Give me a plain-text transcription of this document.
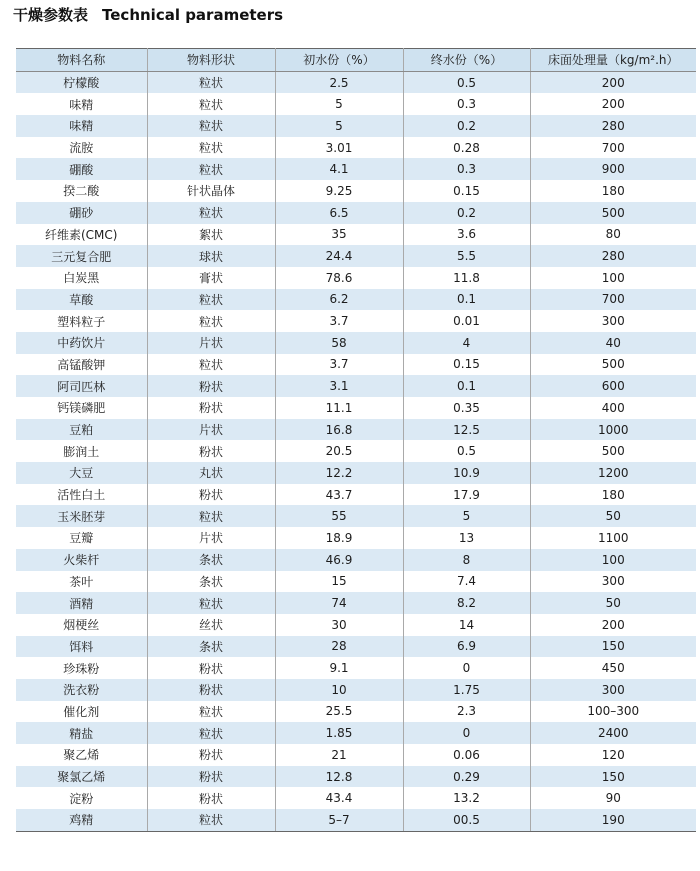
干燥参数表 Technical parameters
物料名称	物料形状	初水份（%）	终水份（%）	床面处理量（kg/m².h）
柠檬酸	粒状	2.5	0.5	200
味精	粒状	5	0.3	200
味精	粒状	5	0.2	280
流胺	粒状	3.01	0.28	700
硼酸	粒状	4.1	0.3	900
揆二酸	针状晶体	9.25	0.15	180
硼砂	粒状	6.5	0.2	500
纤维素(CMC)	絮状	35	3.6	80
三元复合肥	球状	24.4	5.5	280
白炭黑	膏状	78.6	11.8	100
草酸	粒状	6.2	0.1	700
塑料粒子	粒状	3.7	0.01	300
中药饮片	片状	58	4	40
高锰酸钾	粒状	3.7	0.15	500
阿司匹林	粉状	3.1	0.1	600
钙镁磷肥	粉状	11.1	0.35	400
豆粕	片状	16.8	12.5	1000
膨润土	粉状	20.5	0.5	500
大豆	丸状	12.2	10.9	1200
活性白土	粉状	43.7	17.9	180
玉米胚芽	粒状	55	5	50
豆瓣	片状	18.9	13	1100
火柴杆	条状	46.9	8	100
茶叶	条状	15	7.4	300
酒精	粒状	74	8.2	50
烟梗丝	丝状	30	14	200
饵料	条状	28	6.9	150
珍珠粉	粉状	9.1	0	450
洗衣粉	粉状	10	1.75	300
催化剂	粒状	25.5	2.3	100–300
精盐	粒状	1.85	0	2400
聚乙烯	粉状	21	0.06	120
聚氯乙烯	粉状	12.8	0.29	150
淀粉	粉状	43.4	13.2	90
鸡精	粒状	5–7	00.5	190
